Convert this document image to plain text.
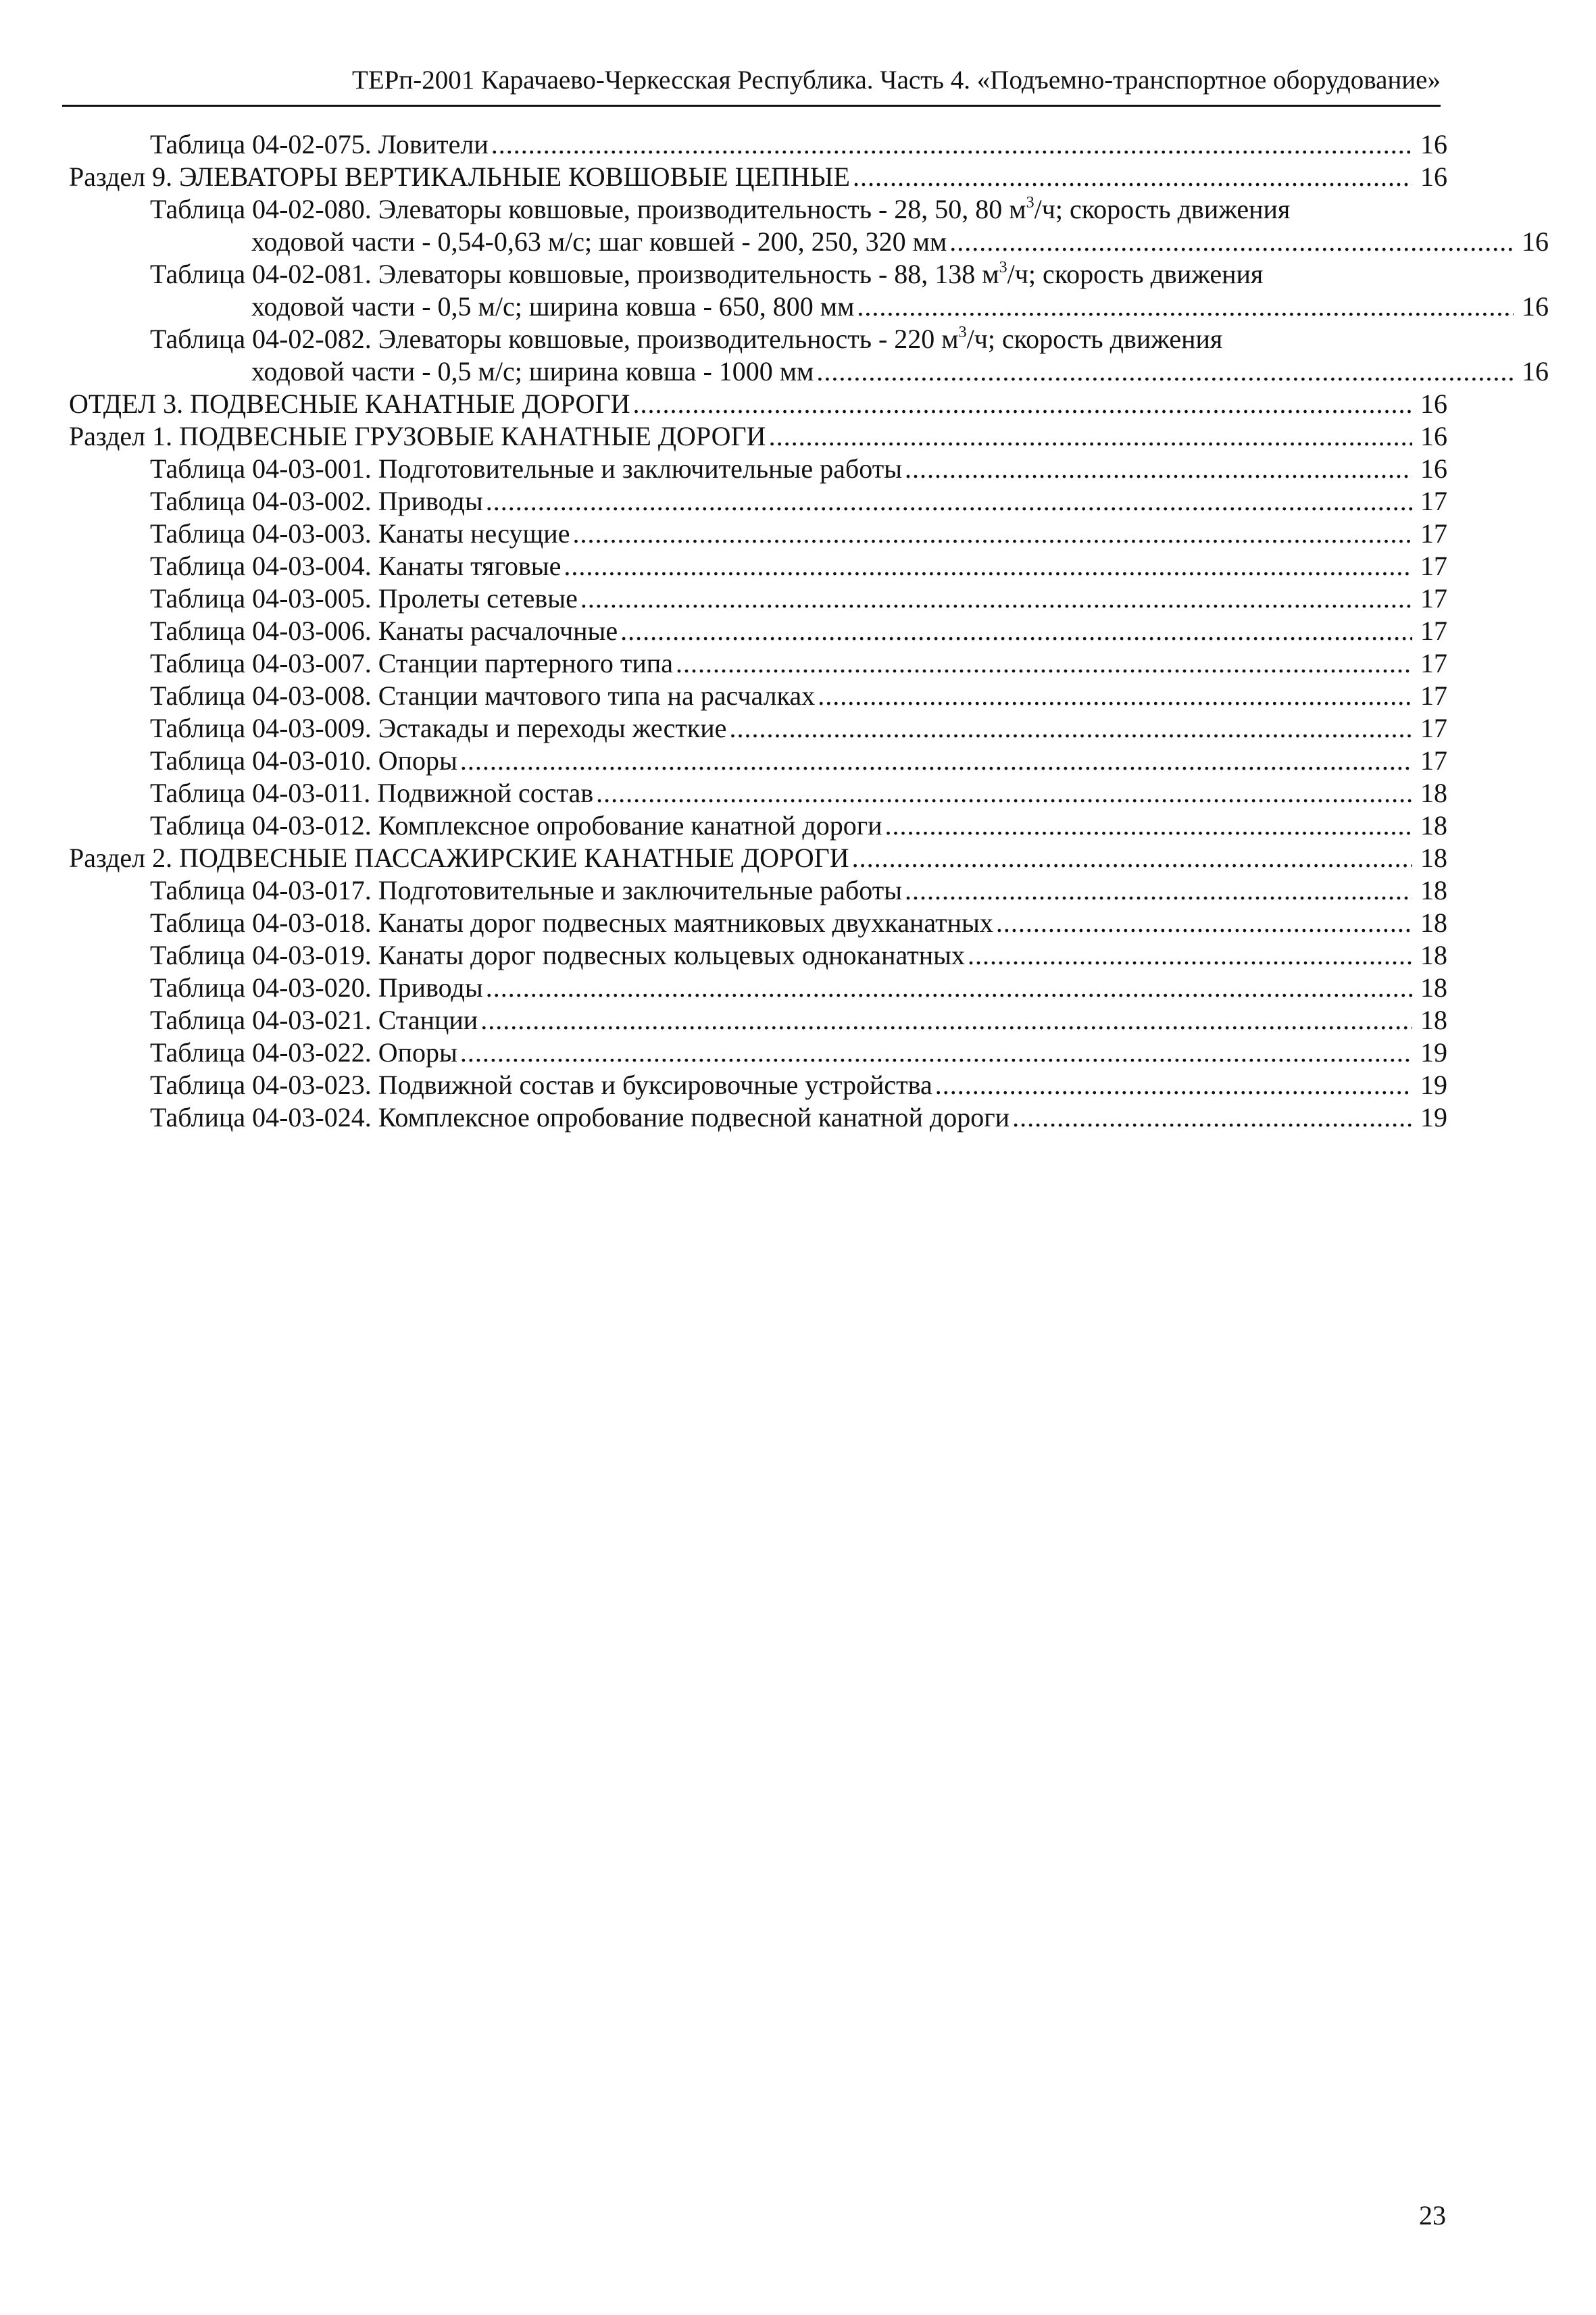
ТЕРп-2001 Карачаево-Черкесская Республика. Часть 4. «Подъемно-транспортное оборудование»
Таблица 04-02-075. Ловители .....	16
Раздел 9. ЭЛЕВАТОРЫ ВЕРТИКАЛЬНЫЕ КОВШОВЫЕ ЦЕПНЫЕ .....	16
Таблица 04-02-080. Элеваторы ковшовые, производительность - 28, 50, 80 $м^3/ч$; скорость движения
ходовой части - 0,54-0,63 м/с; шаг ковшей - 200, 250, 320 мм .....	16
Таблица 04-02-081. Элеваторы ковшовые, производительность - 88, 138 $м^3/ч$; скорость движения
ходовой части - 0,5 м/с; ширина ковша - 650, 800 мм .....	16
Таблица 04-02-082. Элеваторы ковшовые, производительность - 220 $м^3/ч$; скорость движения
ходовой части - 0,5 м/с; ширина ковша - 1000 мм .....	16
ОТДЕЛ 3. ПОДВЕСНЫЕ КАНАТНЫЕ ДОРОГИ .....	16
Раздел 1. ПОДВЕСНЫЕ ГРУЗОВЫЕ КАНАТНЫЕ ДОРОГИ .....	16
Таблица 04-03-001. Подготовительные и заключительные работы .....	16
Таблица 04-03-002. Приводы .....	17
Таблица 04-03-003. Канаты несущие .....	17
Таблица 04-03-004. Канаты тяговые .....	17
Таблица 04-03-005. Пролеты сетевые .....	17
Таблица 04-03-006. Канаты расчалочные .....	17
Таблица 04-03-007. Станции партерного типа .....	17
Таблица 04-03-008. Станции мачтового типа на расчалках .....	17
Таблица 04-03-009. Эстакады и переходы жесткие .....	17
Таблица 04-03-010. Опоры .....	17
Таблица 04-03-011. Подвижной состав .....	18
Таблица 04-03-012. Комплексное опробование канатной дороги .....	18
Раздел 2. ПОДВЕСНЫЕ ПАССАЖИРСКИЕ КАНАТНЫЕ ДОРОГИ .....	18
Таблица 04-03-017. Подготовительные и заключительные работы .....	18
Таблица 04-03-018. Канаты дорог подвесных маятниковых двухканатных .....	18
Таблица 04-03-019. Канаты дорог подвесных кольцевых одноканатных .....	18
Таблица 04-03-020. Приводы .....	18
Таблица 04-03-021. Станции .....	18
Таблица 04-03-022. Опоры .....	19
Таблица 04-03-023. Подвижной состав и буксировочные устройства .....	19
Таблица 04-03-024. Комплексное опробование подвесной канатной дороги .....	19
23
